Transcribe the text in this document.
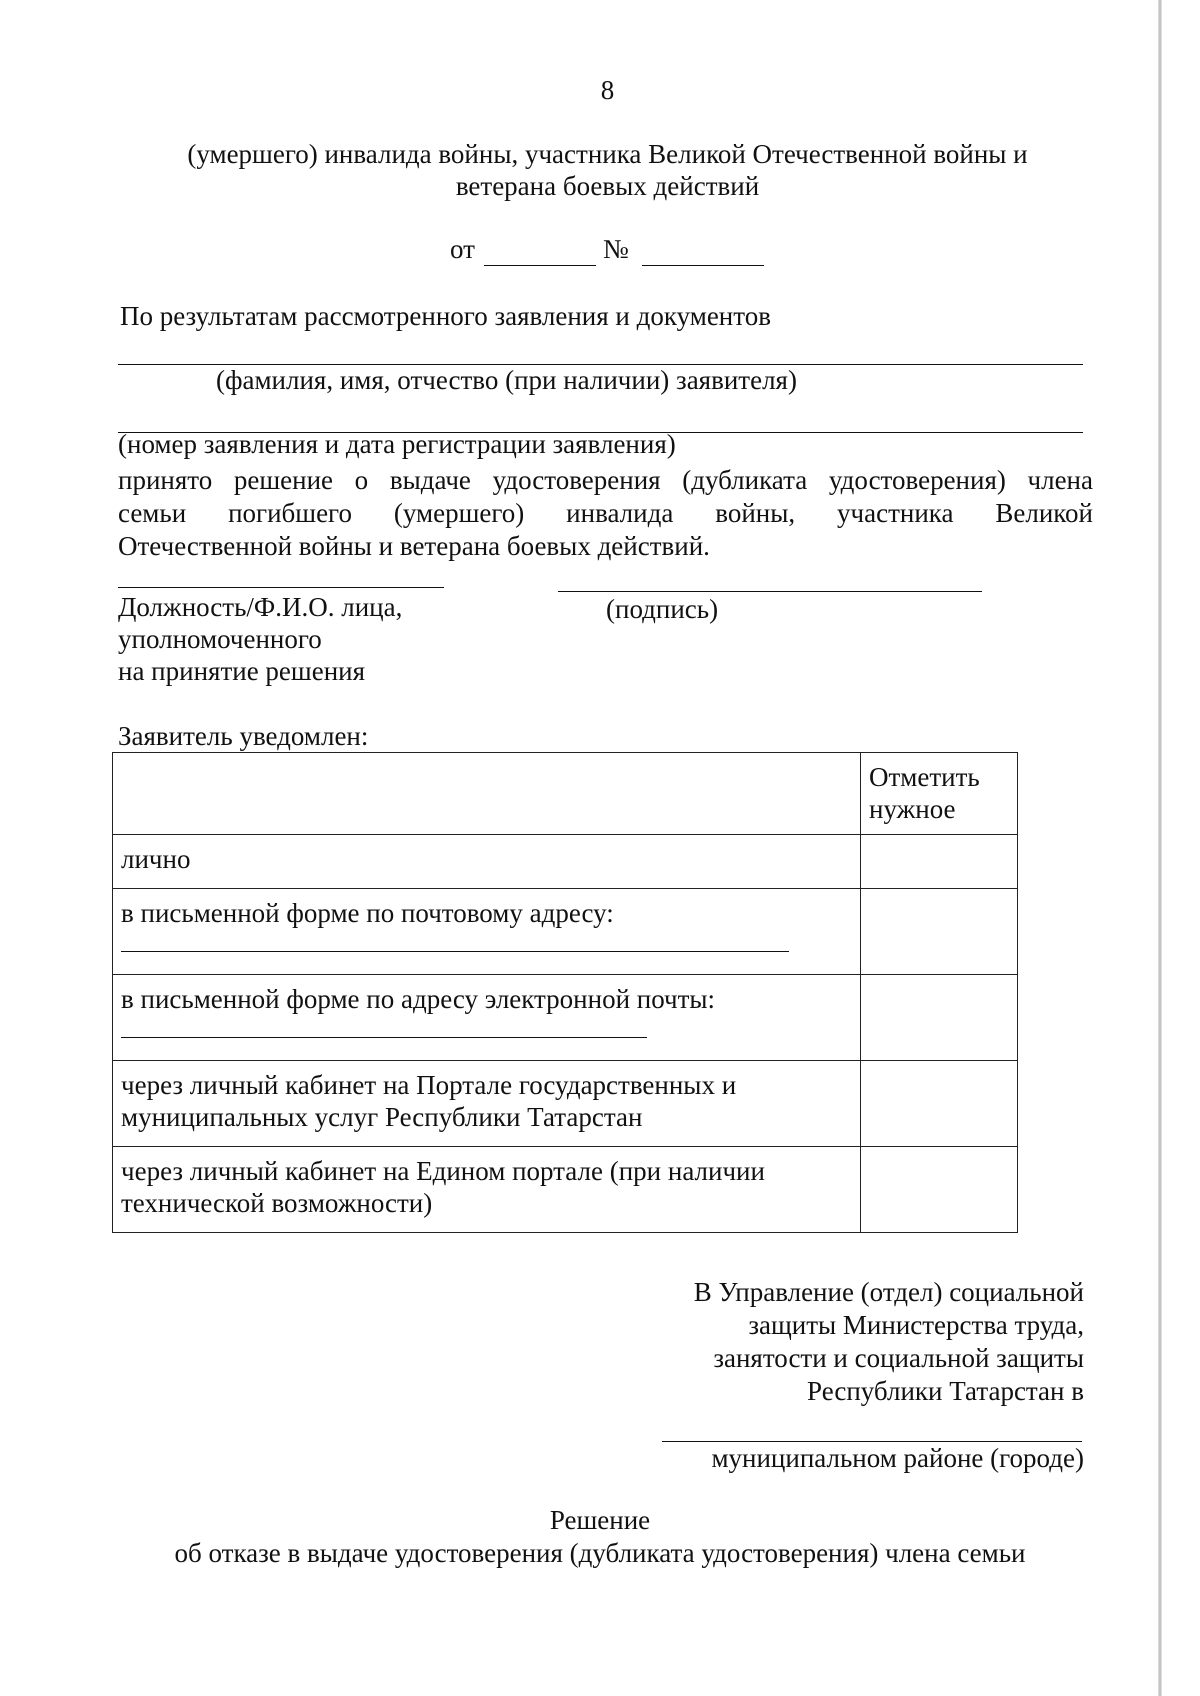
8
(умершего) инвалида войны, участника Великой Отечественной войны и
ветерана боевых действий
от	№
По результатам рассмотренного заявления и документов
(фамилия, имя, отчество (при наличии) заявителя)
(номер заявления и дата регистрации заявления)
принято решение о выдаче удостоверения (дубликата удостоверения) члена
семьи погибшего (умершего) инвалида войны, участника Великой
Отечественной войны и ветерана боевых действий.
Должность/Ф.И.О. лица,
уполномоченного
на принятие решения
(подпись)
Заявитель уведомлен:

	Отметить нужное

лично	
в письменной форме по почтовому адресу:

в письменной форме по адресу электронной почты:

через личный кабинет на Портале государственных и муниципальных услуг Республики Татарстан	

через личный кабинет на Едином портале (при наличии технической возможности)	

В Управление (отдел) социальной
защиты Министерства труда,
занятости и социальной защиты
Республики Татарстан в
муниципальном районе (городе)
Решение
об отказе в выдаче удостоверения (дубликата удостоверения) члена семьи
